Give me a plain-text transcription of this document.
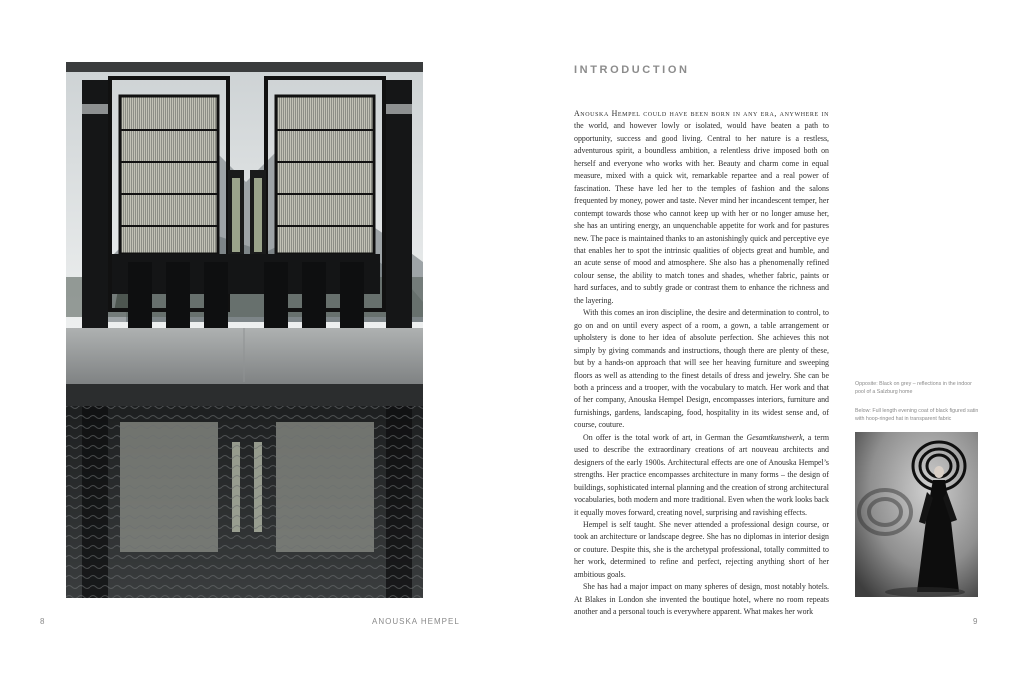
8	ANOUSKA HEMPEL	9
INTRODUCTION

Anouska Hempel could have been born in any era, anywhere in the world, and however lowly or isolated, would have beaten a path to opportunity, success and good living. Central to her nature is a restless, adventurous spirit, a boundless ambition, a relentless drive imposed both on herself and everyone who works with her. Beauty and charm come in equal measure, mixed with a quick wit, remarkable repartee and a real power of fascination. These have led her to the temples of fashion and the salons frequented by money, power and taste. Never mind her incandescent temper, her contempt towards those who cannot keep up with her or no longer amuse her, she has an untiring energy, an unquenchable appetite for work and for pastures new. The pace is maintained thanks to an astonishingly quick and perceptive eye that enables her to spot the intrinsic qualities of objects great and humble, and an acute sense of mood and atmosphere. She also has a phenomenally refined colour sense, the ability to match tones and shades, whether fabric, paints or hard surfaces, and to subtly grade or contrast them to enhance the richness and the layering.

With this comes an iron discipline, the desire and determination to control, to go on and on until every aspect of a room, a gown, a table arrangement or upholstery is done to her idea of absolute perfection. She achieves this not simply by giving commands and instructions, though there are plenty of these, but by a hands-on approach that will see her heaving furniture and sweeping floors as well as attending to the finest details of dress and jewelry. She can be both a princess and a trooper, with the vocabulary to match. Her work and that of her company, Anouska Hempel Design, encompasses interiors, furniture and furnishings, gardens, landscaping, food, hospitality in its widest sense and, of course, couture.

On offer is the total work of art, in German the Gesamtkunstwerk, a term used to describe the extraordinary creations of art nouveau architects and designers of the early 1900s. Architectural effects are one of Anouska Hempel’s strengths. Her practice encompasses architecture in many forms – the design of buildings, sophisticated internal planning and the creation of strong architectural vocabularies, both modern and more traditional. Even when the work looks back it equally moves forward, creating novel, surprising and ravishing effects.

Hempel is self taught. She never attended a professional design course, or took an architecture or landscape degree. She has no diplomas in interior design or couture. Despite this, she is the archetypal professional, totally committed to her work, determined to refine and perfect, rejecting anything short of her ambitious goals.

She has had a major impact on many spheres of design, most notably hotels. At Blakes in London she invented the boutique hotel, where no room repeats another and a personal touch is everywhere apparent. What makes her work

Opposite: Black on grey – reflections in the indoor pool of a Salzburg home
Below: Full length evening coat of black figured satin with hoop-ringed hat in transparent fabric
